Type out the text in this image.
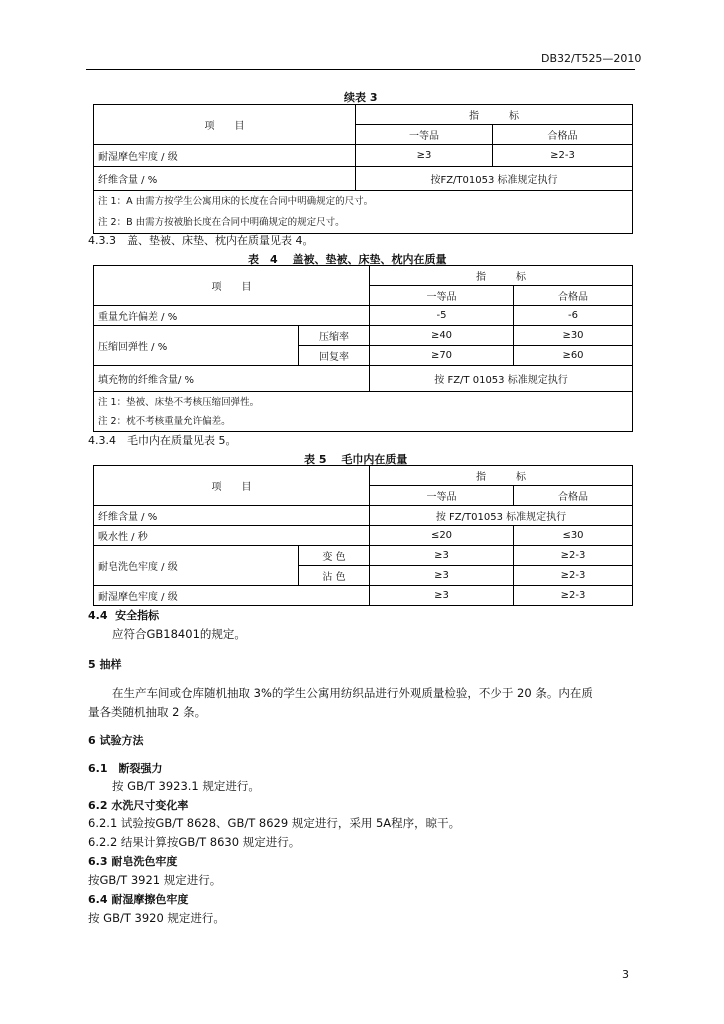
DB32/T525—2010
续表 3
项　　目	指　　　标	
	一等品	合格品
耐湿摩色牢度 / 级	≥3	≥2-3
纤维含量 / %	按FZ/T01053 标准规定执行	

注 1：A 由需方按学生公寓用床的长度在合同中明确规定的尺寸。
注 2：B 由需方按被胎长度在合同中明确规定的规定尺寸。		
4.3.3　盖、垫被、床垫、枕内在质量见表 4。
表　4　 盖被、垫被、床垫、枕内在质量
项　　目		指　　　标	
		一等品	合格品
重量允许偏差 / %		-5	-6
压缩回弹性 / %	压缩率	≥40	≥30
	回复率	≥70	≥60
填充物的纤维含量/ %		按 FZ/T 01053 标准规定执行	

注 1：垫被、床垫不考核压缩回弹性。
注 2：枕不考核重量允许偏差。			
4.3.4　毛巾内在质量见表 5。
表 5　 毛巾内在质量
项　　目		指　　　标	
		一等品	合格品
纤维含量 / %		按 FZ/T01053 标准规定执行	
吸水性 / 秒		≤20	≤30
耐皂洗色牢度 / 级	变 色	≥3	≥2-3
	沾 色	≥3	≥2-3
耐湿摩色牢度 / 级		≥3	≥2-3
4.4 安全指标
应符合GB18401的规定。
5 抽样
在生产车间或仓库随机抽取 3%的学生公寓用纺织品进行外观质量检验，不少于 20 条。内在质
量各类随机抽取 2 条。
6 试验方法
6.1　断裂强力
按 GB/T 3923.1 规定进行。
6.2 水洗尺寸变化率
6.2.1 试验按GB/T 8628、GB/T 8629 规定进行，采用 5A程序，晾干。
6.2.2 结果计算按GB/T 8630 规定进行。
6.3 耐皂洗色牢度
按GB/T 3921 规定进行。
6.4 耐湿摩擦色牢度
按 GB/T 3920 规定进行。
3
